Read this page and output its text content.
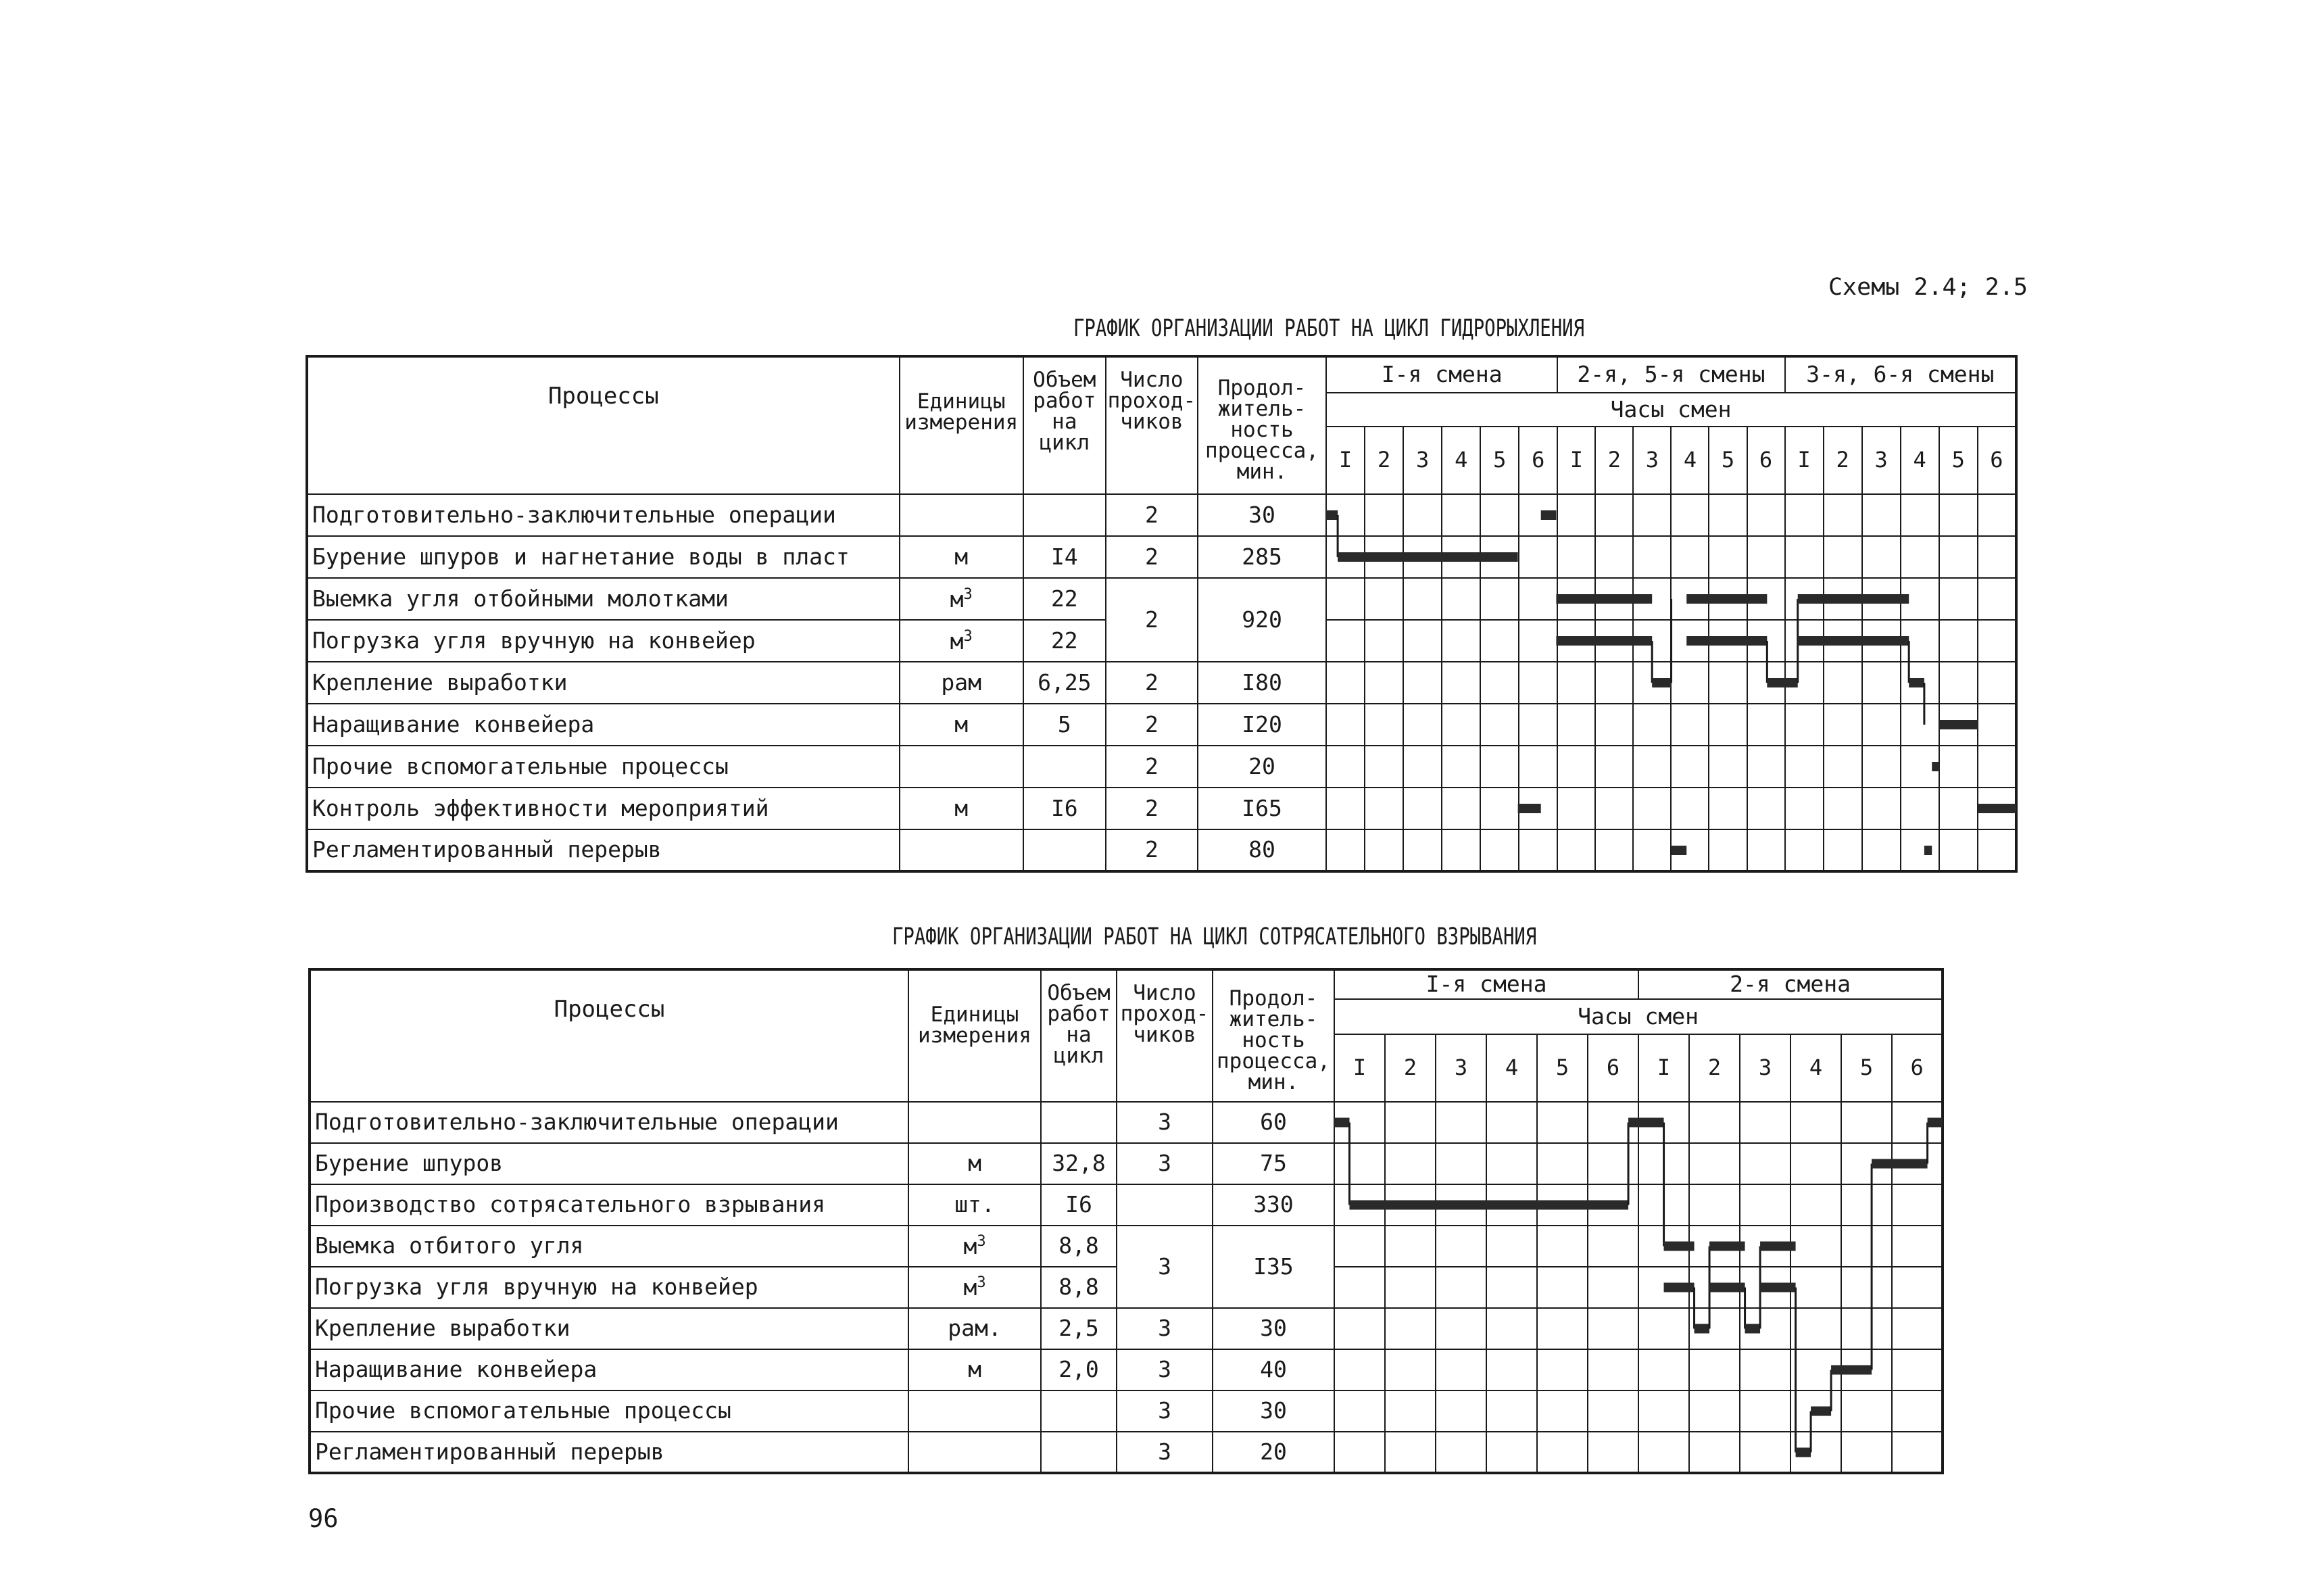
Схемы 2.4; 2.5
ГРАФИК ОРГАНИЗАЦИИ РАБОТ НА ЦИКЛ ГИДРОРЫХЛЕНИЯ
Процессы	Единицы измерения	Объем работ на цикл	Число проход-чиков	Продол-житель-ность процесса, мин.	I-я смена						2-я, 5-я смены						3-я, 6-я смены					
					Часы смен																	
					I	2	3	4	5	6	I	2	3	4	5	6	I	2	3	4	5	6
Подготовительно-заключительные операции			2	30																		
Бурение шпуров и нагнетание воды в пласт	м	I4	2	285																		
Выемка угля отбойными молотками	$м^3$	22	2	920																		
Погрузка угля вручную на конвейер	$м^3$	22																				
Крепление выработки	рам	6,25	2	I80																		
Наращивание конвейера	м	5	2	I20																		
Прочие вспомогательные процессы			2	20																		
Контроль эффективности мероприятий	м	I6	2	I65																		
Регламентированный перерыв			2	80																		
ГРАФИК ОРГАНИЗАЦИИ РАБОТ НА ЦИКЛ СОТРЯСАТЕЛЬНОГО ВЗРЫВАНИЯ
Процессы	Единицы измерения	Объем работ на цикл	Число проход-чиков	Продол-житель-ность процесса, мин.	I-я смена						2-я смена					
					Часы смен											
					I	2	3	4	5	6	I	2	3	4	5	6
Подготовительно-заключительные операции			3	60												
Бурение шпуров	м	32,8	3	75												
Производство сотрясательного взрывания	шт.	I6		330												
Выемка отбитого угля	$м^3$	8,8	3	I35												
Погрузка угля вручную на конвейер	$м^3$	8,8														
Крепление выработки	рам.	2,5	3	30												
Наращивание конвейера	м	2,0	3	40												
Прочие вспомогательные процессы			3	30												
Регламентированный перерыв			3	20												
96
